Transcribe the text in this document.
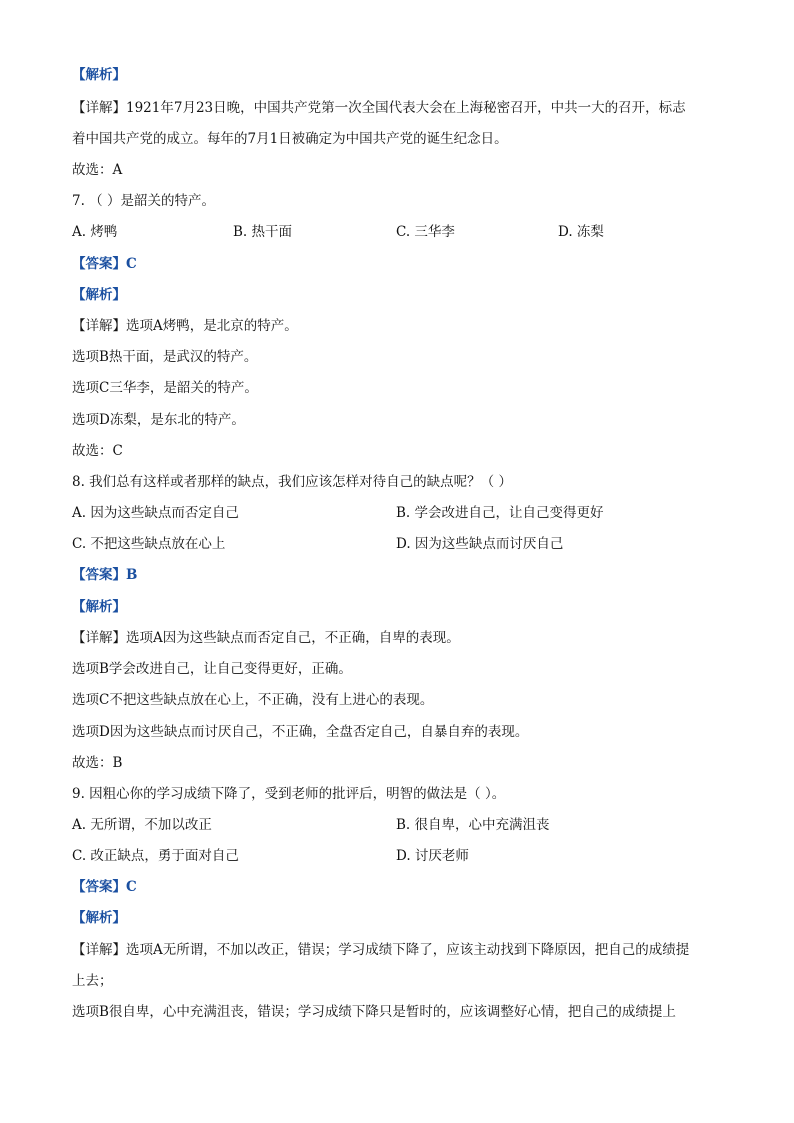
【解析】
【详解】1921年7月23日晚，中国共产党第一次全国代表大会在上海秘密召开，中共一大的召开，标志
着中国共产党的成立。每年的7月1日被确定为中国共产党的诞生纪念日。
故选：A
7. （ ）是韶关的特产。
A. 烤鸭	B. 热干面	C. 三华李	D. 冻梨
【答案】C
【解析】
【详解】选项A烤鸭，是北京的特产。
选项B热干面，是武汉的特产。
选项C三华李，是韶关的特产。
选项D冻梨，是东北的特产。
故选：C
8. 我们总有这样或者那样的缺点，我们应该怎样对待自己的缺点呢？（ ）
A. 因为这些缺点而否定自己	B. 学会改进自己，让自己变得更好
C. 不把这些缺点放在心上	D. 因为这些缺点而讨厌自己
【答案】B
【解析】
【详解】选项A因为这些缺点而否定自己，不正确，自卑的表现。
选项B学会改进自己，让自己变得更好，正确。
选项C不把这些缺点放在心上，不正确，没有上进心的表现。
选项D因为这些缺点而讨厌自己，不正确，全盘否定自己，自暴自弃的表现。
故选：B
9. 因粗心你的学习成绩下降了，受到老师的批评后，明智的做法是（ ）。
A. 无所谓，不加以改正	B. 很自卑，心中充满沮丧
C. 改正缺点，勇于面对自己	D. 讨厌老师
【答案】C
【解析】
【详解】选项A无所谓，不加以改正，错误；学习成绩下降了，应该主动找到下降原因，把自己的成绩提
上去；
选项B很自卑，心中充满沮丧，错误；学习成绩下降只是暂时的，应该调整好心情，把自己的成绩提上
